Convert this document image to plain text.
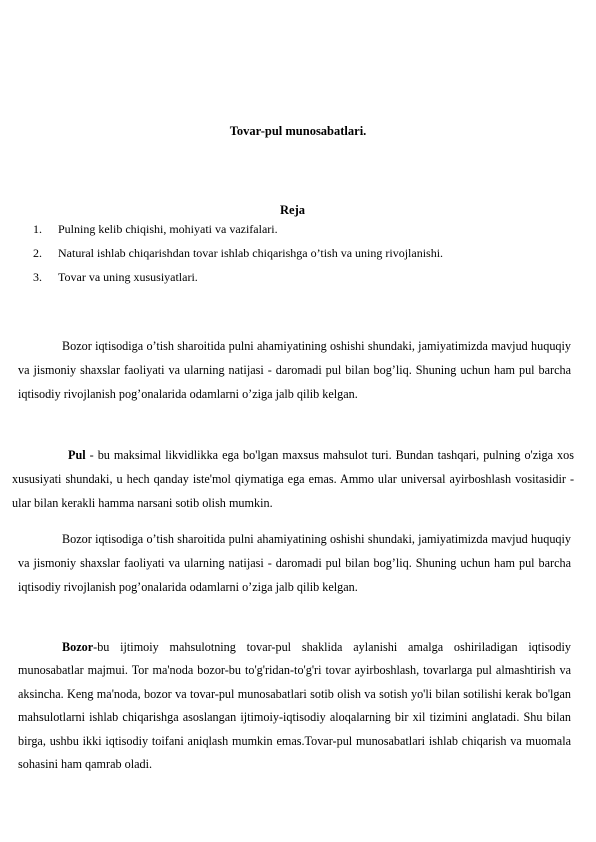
Tovar-pul munosabatlari.
Reja
1.	Pulning kelib chiqishi, mohiyati va vazifalari.
2.	Natural ishlab chiqarishdan tovar ishlab chiqarishga o’tish va uning rivojlanishi.
3.	Tovar va uning xususiyatlari.

Bozor iqtisodiga o’tish sharoitida pulni ahamiyatining oshishi shundaki, jamiyatimizda mavjud huquqiy va jismoniy shaxslar faoliyati va ularning natijasi - daromadi pul bilan bog’liq. Shuning uchun ham pul barcha iqtisodiy rivojlanish pog’onalarida odamlarni o’ziga jalb qilib kelgan.

Pul - bu maksimal likvidlikka ega bo'lgan maxsus mahsulot turi. Bundan tashqari, pulning o'ziga xos xususiyati shundaki, u hech qanday iste'mol qiymatiga ega emas. Ammo ular universal ayirboshlash vositasidir - ular bilan kerakli hamma narsani sotib olish mumkin.

Bozor iqtisodiga o’tish sharoitida pulni ahamiyatining oshishi shundaki, jamiyatimizda mavjud huquqiy va jismoniy shaxslar faoliyati va ularning natijasi - daromadi pul bilan bog’liq. Shuning uchun ham pul barcha iqtisodiy rivojlanish pog’onalarida odamlarni o’ziga jalb qilib kelgan.

Bozor-bu ijtimoiy mahsulotning tovar-pul shaklida aylanishi amalga oshiriladigan iqtisodiy munosabatlar majmui. Tor ma'noda bozor-bu to'g'ridan-to'g'ri tovar ayirboshlash, tovarlarga pul almashtirish va aksincha. Keng ma'noda, bozor va tovar-pul munosabatlari sotib olish va sotish yo'li bilan sotilishi kerak bo'lgan mahsulotlarni ishlab chiqarishga asoslangan ijtimoiy-iqtisodiy aloqalarning bir xil tizimini anglatadi. Shu bilan birga, ushbu ikki iqtisodiy toifani aniqlash mumkin emas.Tovar-pul munosabatlari ishlab chiqarish va muomala sohasini ham qamrab oladi.
